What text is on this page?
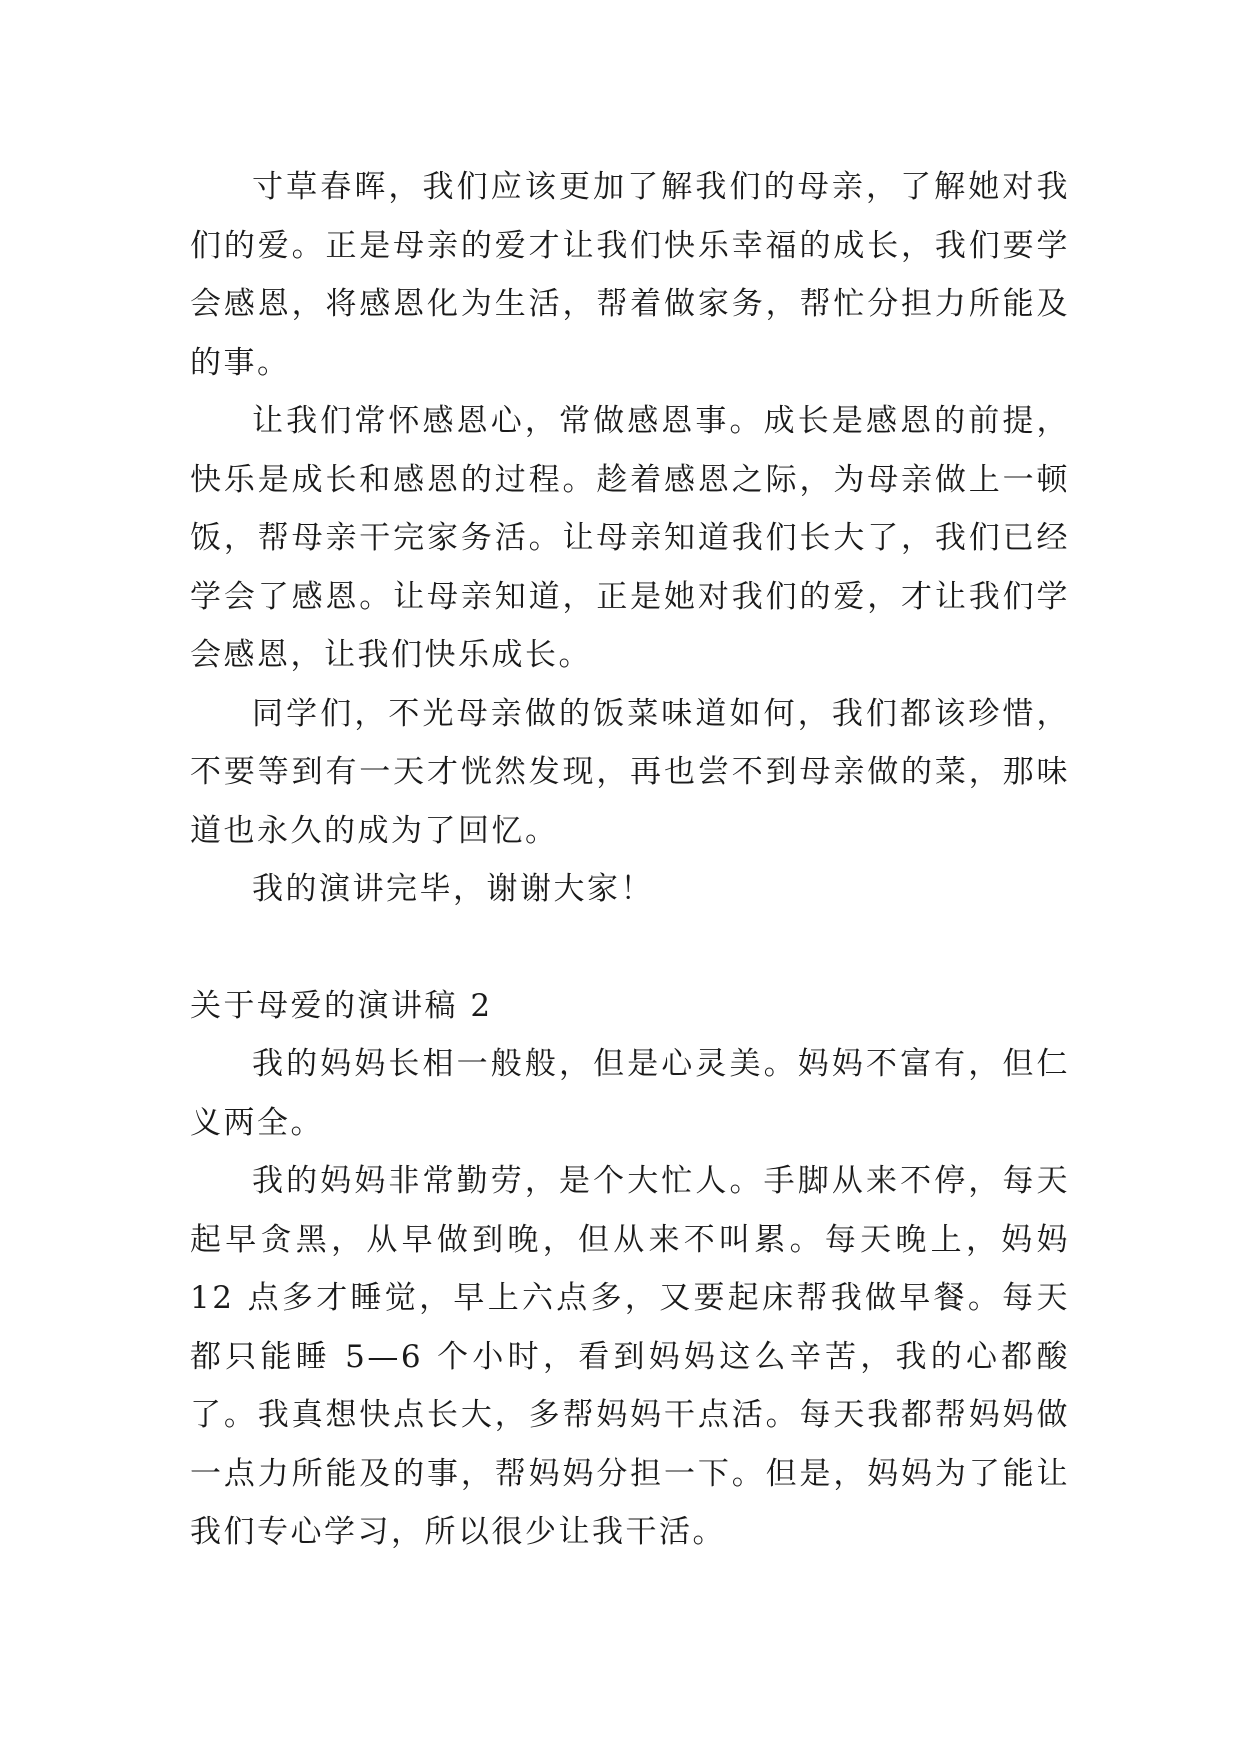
寸草春晖，我们应该更加了解我们的母亲，了解她对我们的爱。正是母亲的爱才让我们快乐幸福的成长，我们要学会感恩，将感恩化为生活，帮着做家务，帮忙分担力所能及的事。

让我们常怀感恩心，常做感恩事。成长是感恩的前提，快乐是成长和感恩的过程。趁着感恩之际，为母亲做上一顿饭，帮母亲干完家务活。让母亲知道我们长大了，我们已经学会了感恩。让母亲知道，正是她对我们的爱，才让我们学会感恩，让我们快乐成长。

同学们，不光母亲做的饭菜味道如何，我们都该珍惜，不要等到有一天才恍然发现，再也尝不到母亲做的菜，那味道也永久的成为了回忆。

我的演讲完毕，谢谢大家！

关于母爱的演讲稿 2

我的妈妈长相一般般，但是心灵美。妈妈不富有，但仁义两全。

我的妈妈非常勤劳，是个大忙人。手脚从来不停，每天起早贪黑，从早做到晚，但从来不叫累。每天晚上，妈妈 12 点多才睡觉，早上六点多，又要起床帮我做早餐。每天都只能睡 5—6 个小时，看到妈妈这么辛苦，我的心都酸了。我真想快点长大，多帮妈妈干点活。每天我都帮妈妈做一点力所能及的事，帮妈妈分担一下。但是，妈妈为了能让我们专心学习，所以很少让我干活。
